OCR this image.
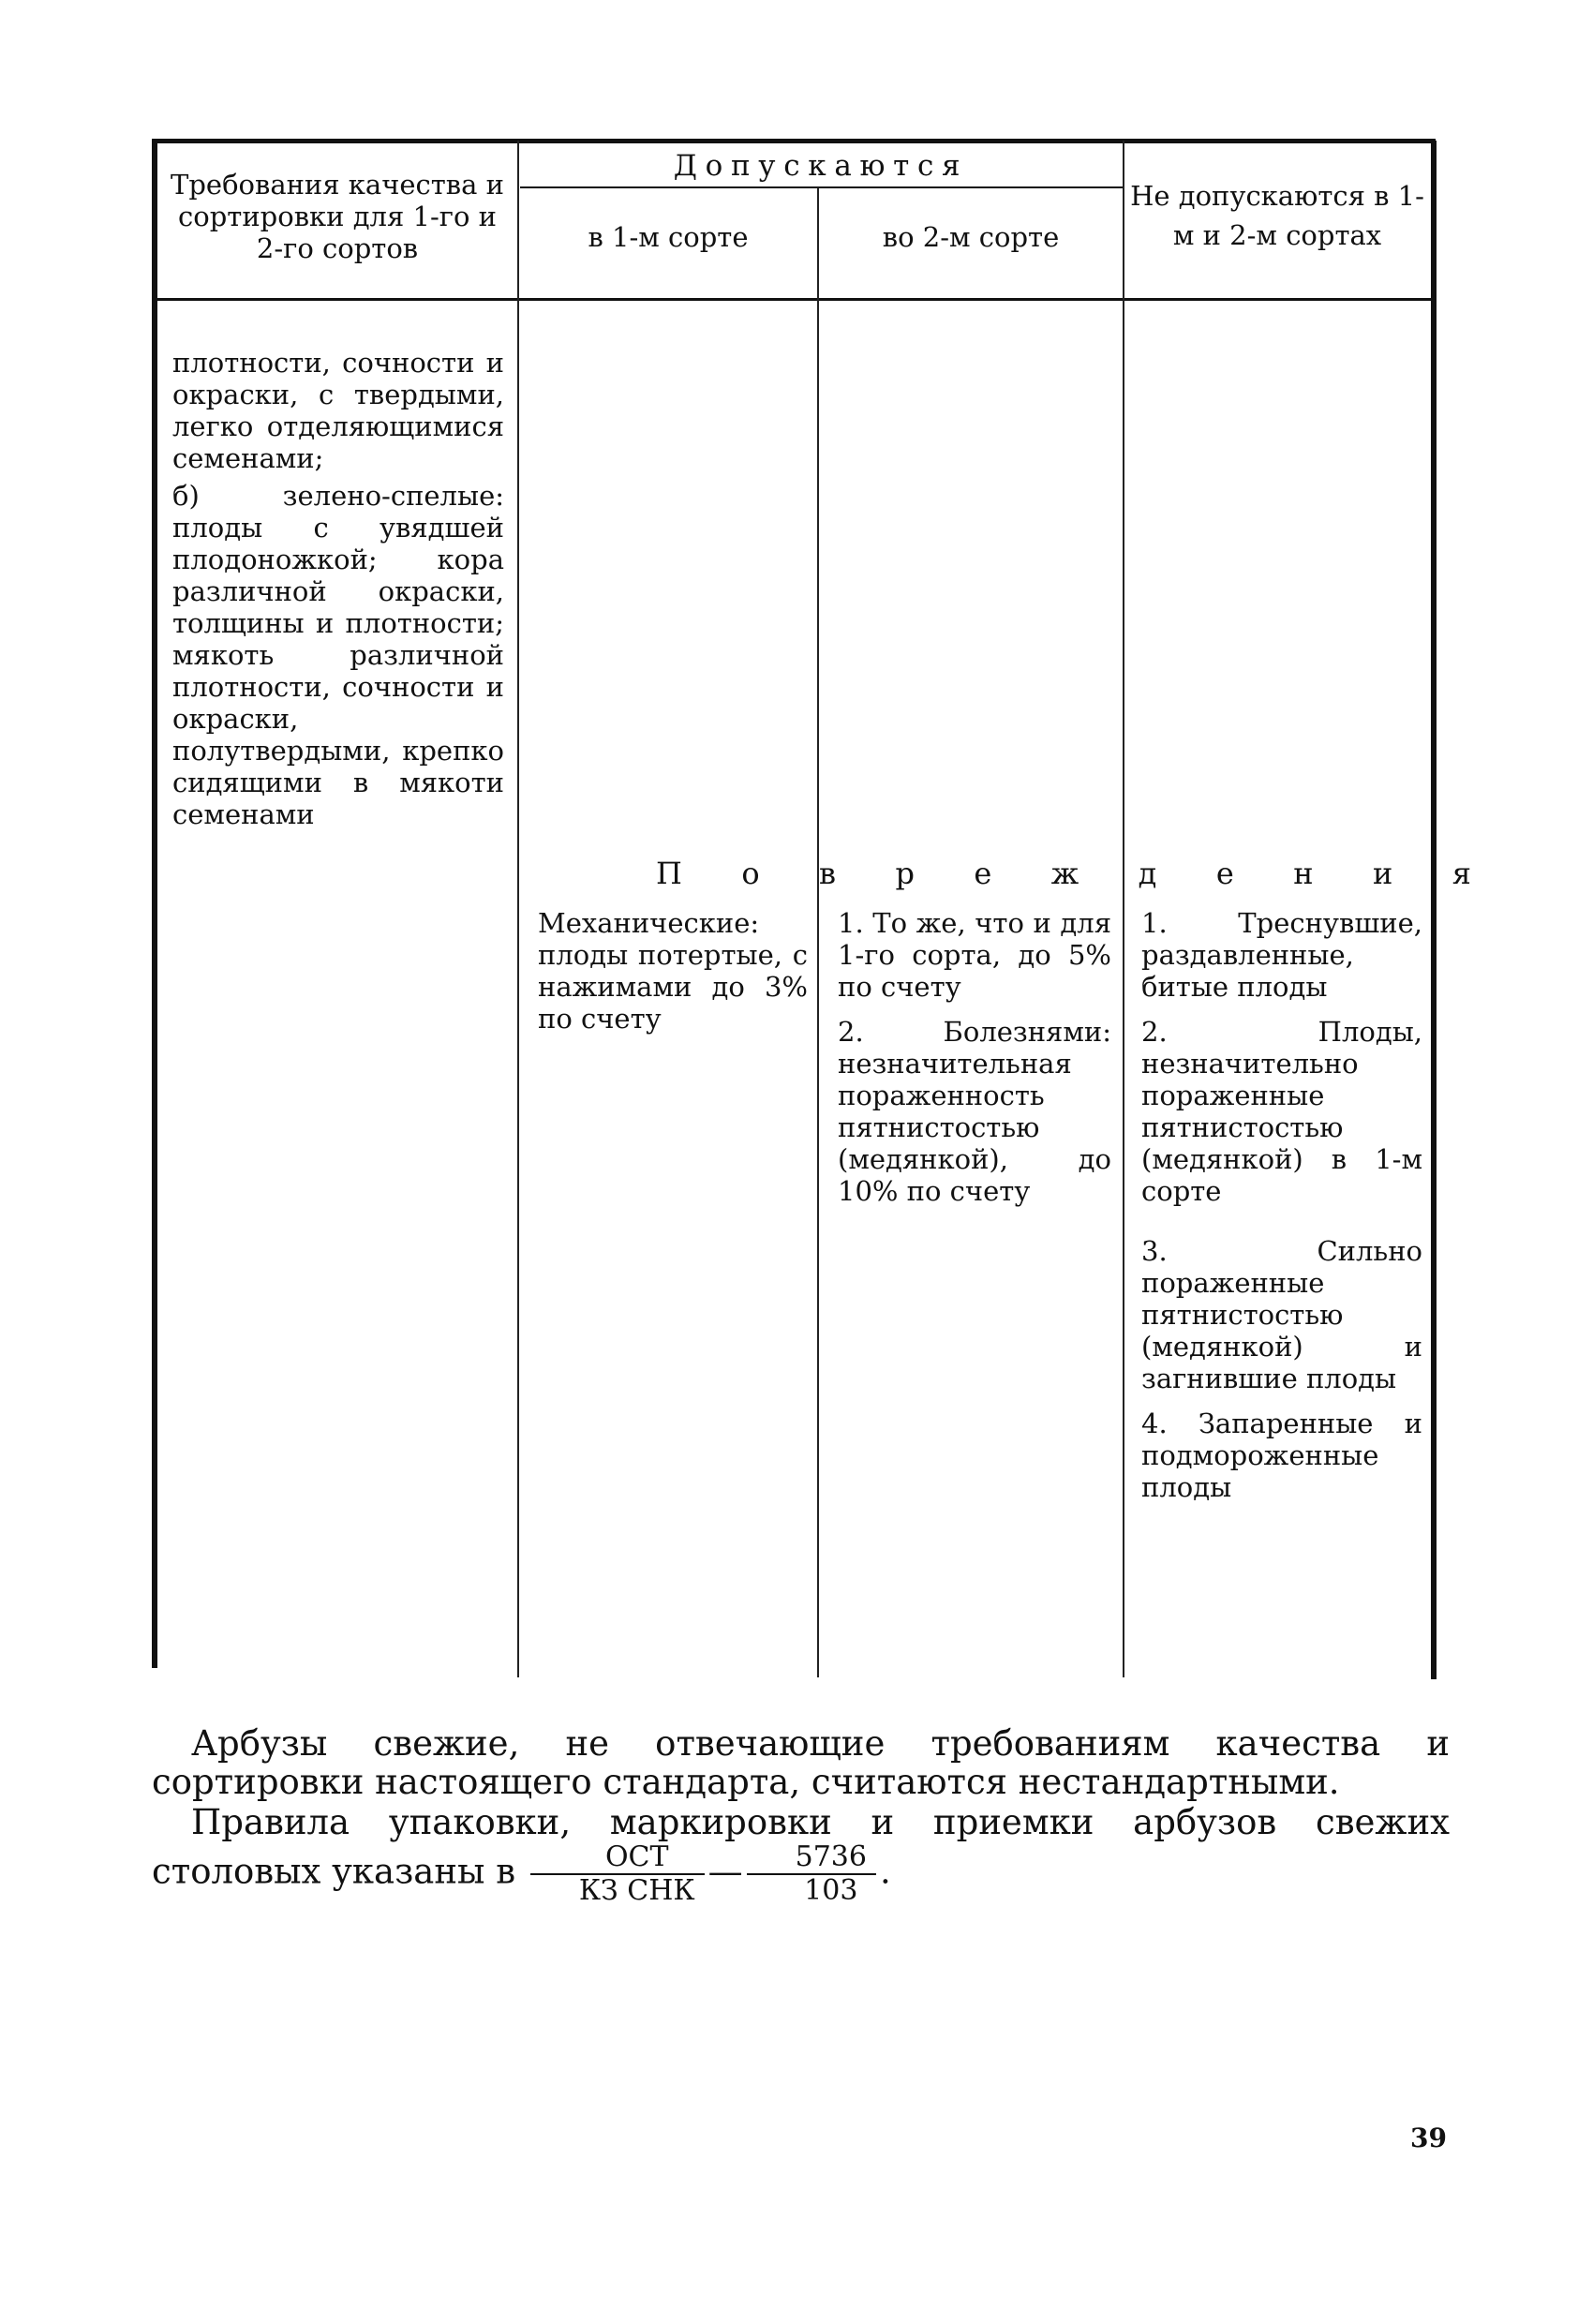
Требования качества и сортировки для 1-го и 2-го сортов
Допускаются
в 1-м сорте	во 2-м сорте
Не допускаются в 1-м и 2-м сортах

плотности, сочности и окраски, с твердыми, легко отделяющимися семенами;

б) зелено-спелые: плоды с увядшей плодоножкой; кора различной окраски, толщины и плотности; мякоть различной плотности, сочности и окраски, полутвердыми, крепко сидящими в мякоти семенами

П о в р е ж д е н и я
Механические: плоды потертые, с нажимами до 3% по счету

1. То же, что и для 1-го сорта, до 5% по счету

2. Болезнями: незначительная пораженность пятнистостью (медянкой), до 10% по счету

1. Треснувшие, раздавленные, битые плоды

2. Плоды, незначительно пораженные пятнистостью (медянкой) в 1-м сорте

3. Сильно пораженные пятнистостью (медянкой) и загнившие плоды

4. Запаренные и подмороженные плоды

Арбузы свежие, не отвечающие требованиям качества и сортировки настоящего стандарта, считаются нестандартными.
Правила упаковки, маркировки и приемки арбузов свежих столовых указаны в $\frac{\text{ОСТ}}{\text{КЗ СНК}}$ — $\frac{5736}{103}$ .
39
